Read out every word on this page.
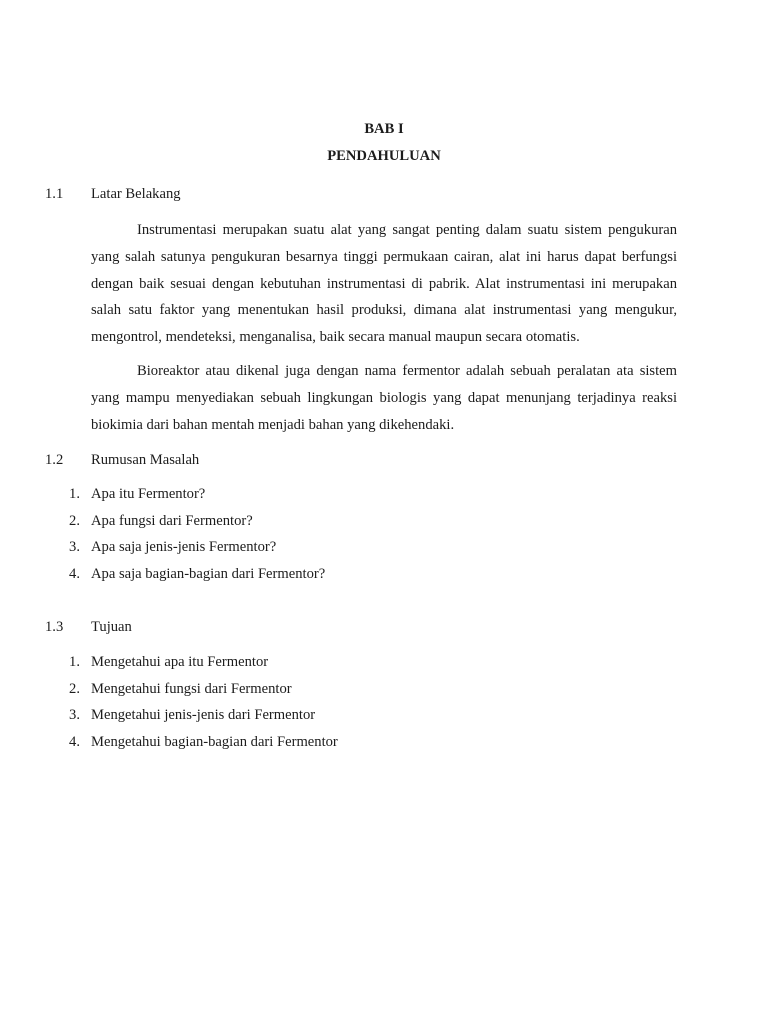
BAB I
PENDAHULUAN
1.1 Latar Belakang
Instrumentasi merupakan suatu alat yang sangat penting dalam suatu sistem pengukuran
yang salah satunya pengukuran besarnya tinggi permukaan cairan, alat ini harus dapat berfungsi
dengan baik sesuai dengan kebutuhan instrumentasi di pabrik. Alat instrumentasi ini merupakan
salah satu faktor yang menentukan hasil produksi, dimana alat instrumentasi yang mengukur,
mengontrol, mendeteksi, menganalisa, baik secara manual maupun secara otomatis.
Bioreaktor atau dikenal juga dengan nama fermentor adalah sebuah peralatan ata sistem
yang mampu menyediakan sebuah lingkungan biologis yang dapat menunjang terjadinya reaksi
biokimia dari bahan mentah menjadi bahan yang dikehendaki.
1.2 Rumusan Masalah
1. Apa itu Fermentor?
2. Apa fungsi dari Fermentor?
3. Apa saja jenis-jenis Fermentor?
4. Apa saja bagian-bagian dari Fermentor?
1.3 Tujuan
1. Mengetahui apa itu Fermentor
2. Mengetahui fungsi dari Fermentor
3. Mengetahui jenis-jenis dari Fermentor
4. Mengetahui bagian-bagian dari Fermentor
